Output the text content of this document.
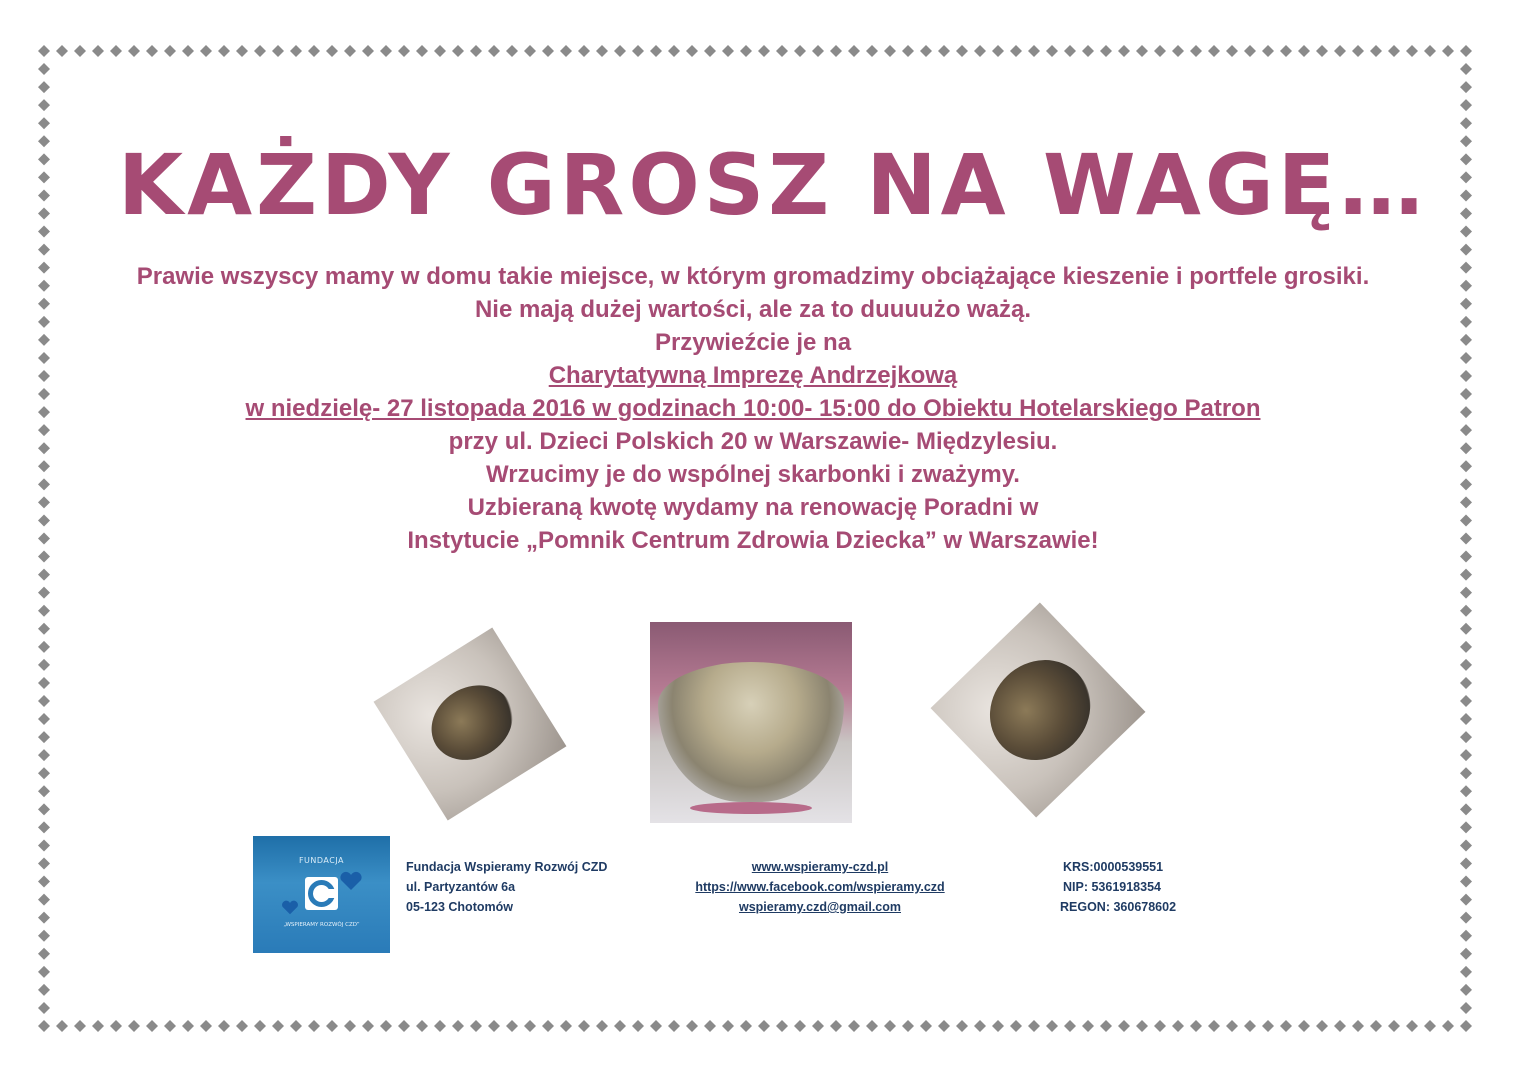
KAŻDY GROSZ NA WAGĘ…
Prawie wszyscy mamy w domu takie miejsce, w którym gromadzimy obciążające kieszenie i portfele grosiki.
Nie mają dużej wartości, ale za to duuuużo ważą.
Przywieźcie je na
Charytatywną Imprezę Andrzejkową
w niedzielę- 27 listopada 2016 w godzinach 10:00- 15:00 do Obiektu Hotelarskiego Patron
przy ul. Dzieci Polskich 20 w Warszawie- Międzylesiu.
Wrzucimy je do wspólnej skarbonki i zważymy.
Uzbieraną kwotę wydamy na renowację Poradni w
Instytucie „Pomnik Centrum Zdrowia Dziecka” w Warszawie!
FUNDACJA
„WSPIERAMY ROZWÓJ CZD”
Fundacja Wspieramy Rozwój CZD
ul. Partyzantów 6a
05-123 Chotomów
www.wspieramy-czd.pl
https://www.facebook.com/wspieramy.czd
wspieramy.czd@gmail.com
KRS:0000539551
NIP: 5361918354
REGON: 360678602
